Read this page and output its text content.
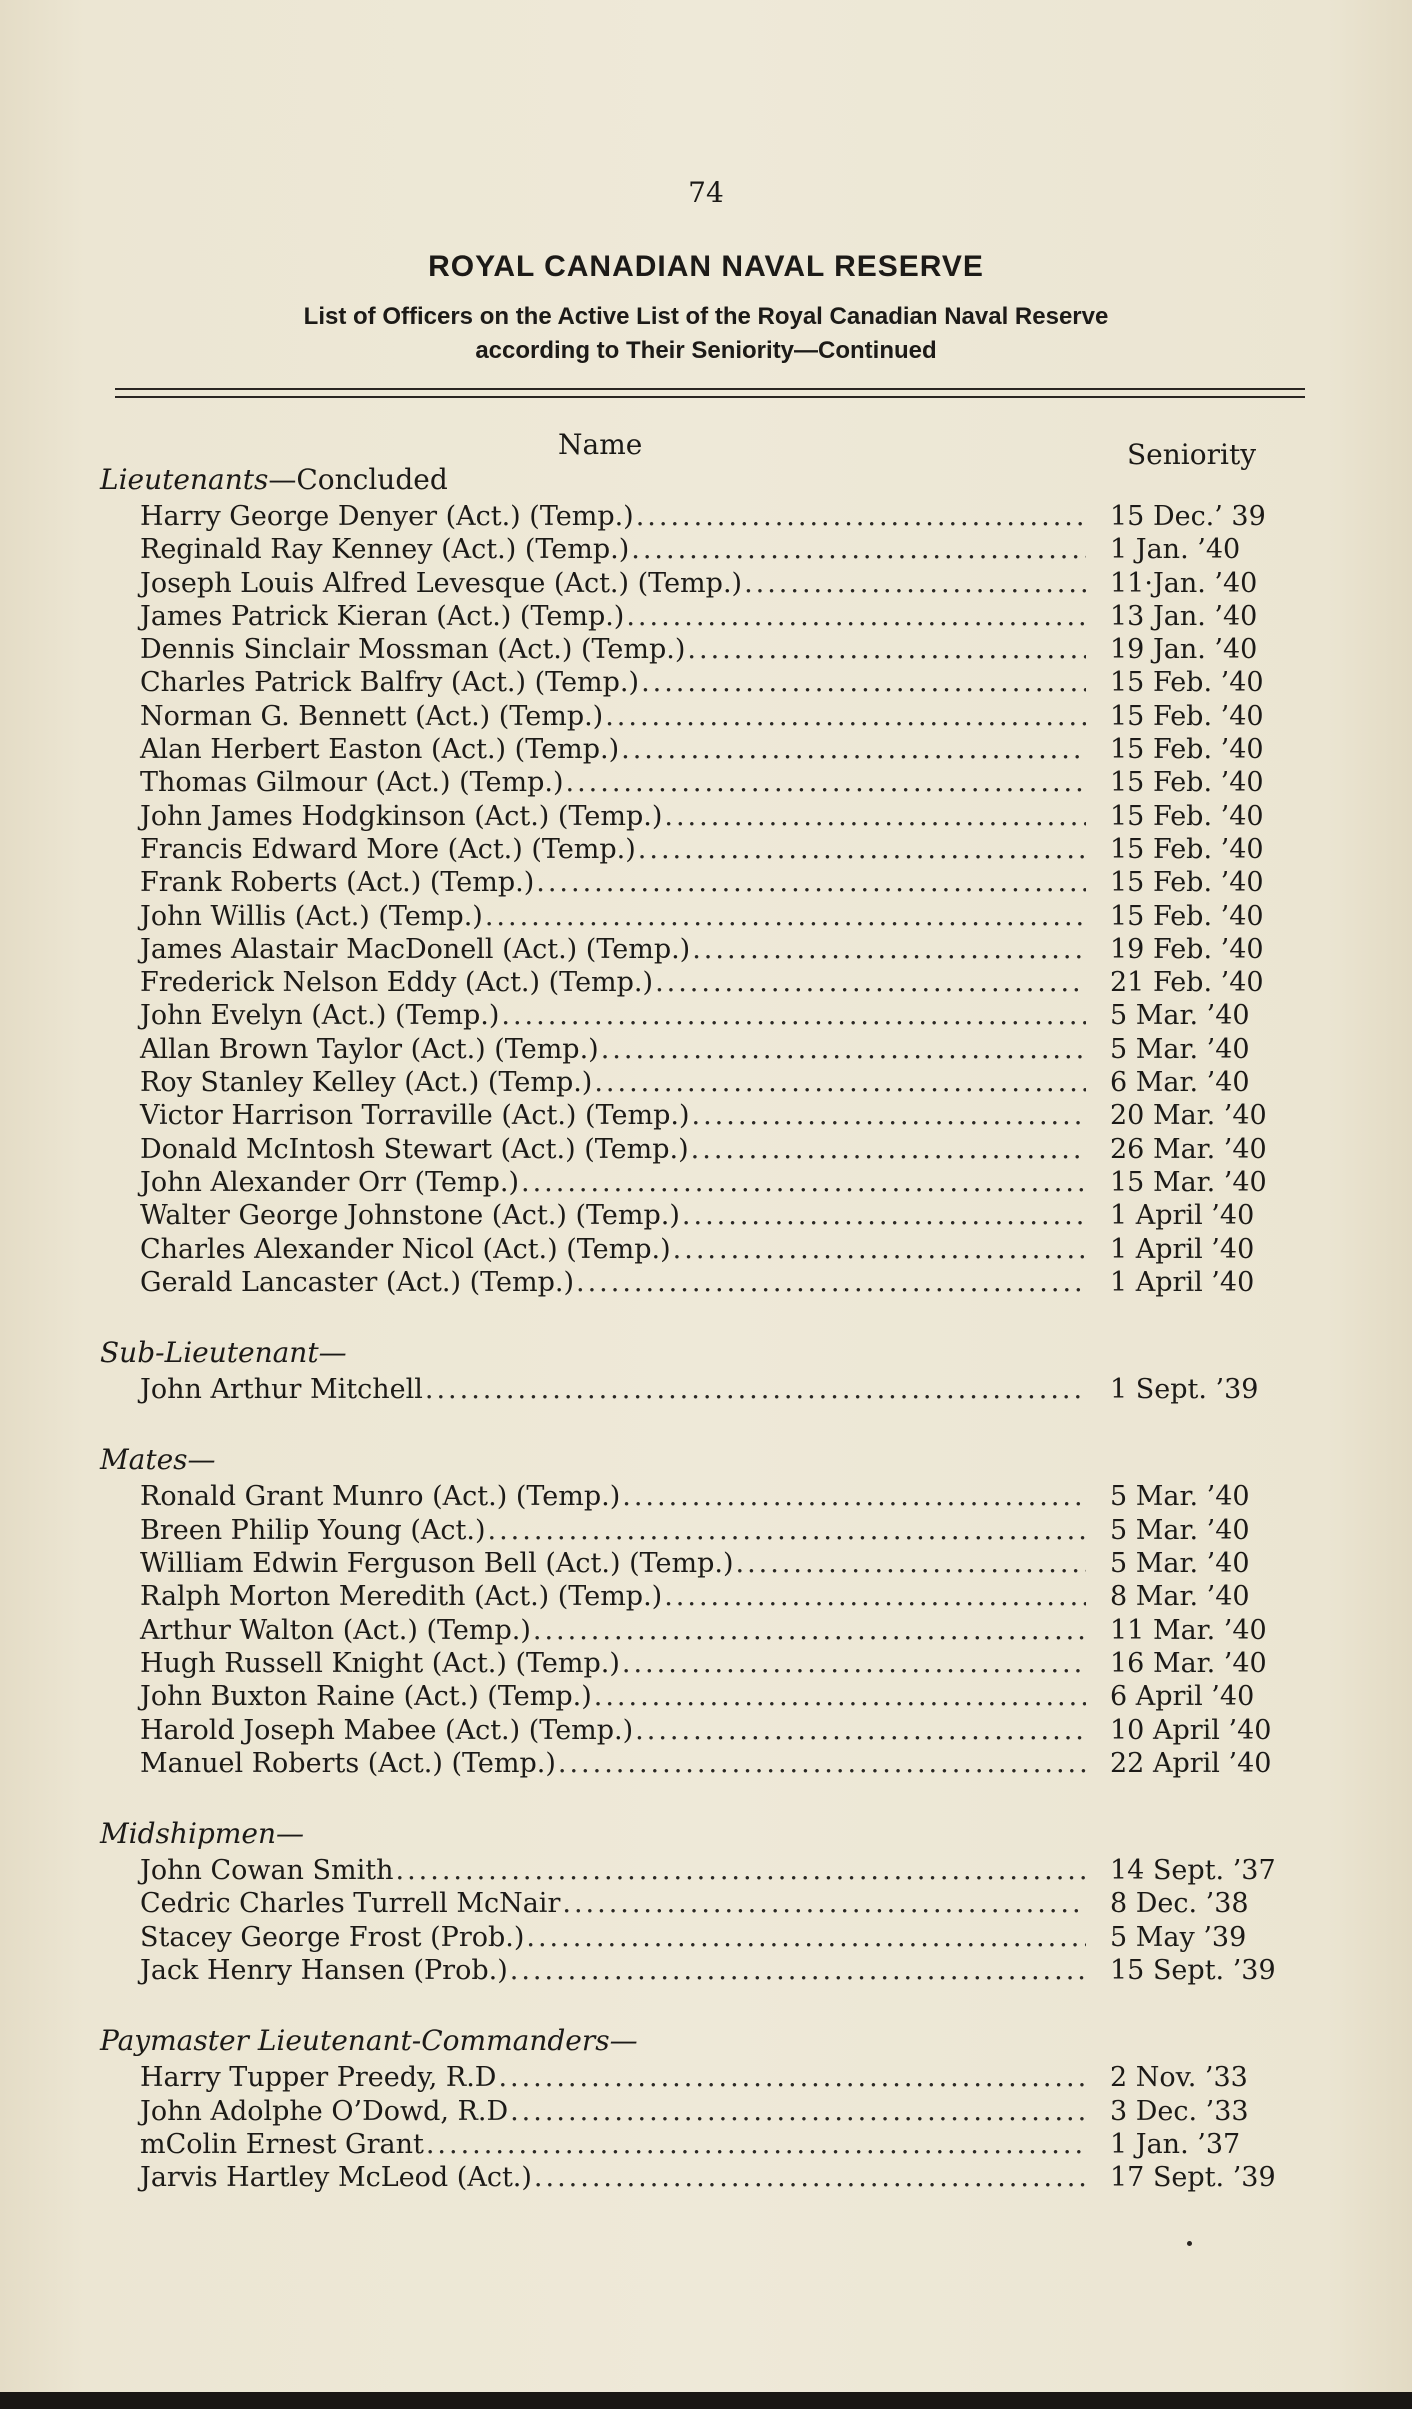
74
ROYAL CANADIAN NAVAL RESERVE
List of Officers on the Active List of the Royal Canadian Naval Reserve
according to Their Seniority—Continued
Name	Seniority
Lieutenants—Concluded
Harry George Denyer (Act.) (Temp.) .....	15 Dec.’ 39
Reginald Ray Kenney (Act.) (Temp.) .....	1 Jan. ’40
Joseph Louis Alfred Levesque (Act.) (Temp.) .....	11·Jan. ’40
James Patrick Kieran (Act.) (Temp.) .....	13 Jan. ’40
Dennis Sinclair Mossman (Act.) (Temp.) .....	19 Jan. ’40
Charles Patrick Balfry (Act.) (Temp.) .....	15 Feb. ’40
Norman G. Bennett (Act.) (Temp.) .....	15 Feb. ’40
Alan Herbert Easton (Act.) (Temp.) .....	15 Feb. ’40
Thomas Gilmour (Act.) (Temp.) .....	15 Feb. ’40
John James Hodgkinson (Act.) (Temp.) .....	15 Feb. ’40
Francis Edward More (Act.) (Temp.) .....	15 Feb. ’40
Frank Roberts (Act.) (Temp.) .....	15 Feb. ’40
John Willis (Act.) (Temp.) .....	15 Feb. ’40
James Alastair MacDonell (Act.) (Temp.) .....	19 Feb. ’40
Frederick Nelson Eddy (Act.) (Temp.) .....	21 Feb. ’40
John Evelyn (Act.) (Temp.) .....	5 Mar. ’40
Allan Brown Taylor (Act.) (Temp.) .....	5 Mar. ’40
Roy Stanley Kelley (Act.) (Temp.) .....	6 Mar. ’40
Victor Harrison Torraville (Act.) (Temp.) .....	20 Mar. ’40
Donald McIntosh Stewart (Act.) (Temp.) .....	26 Mar. ’40
John Alexander Orr (Temp.) .....	15 Mar. ’40
Walter George Johnstone (Act.) (Temp.) .....	1 April ’40
Charles Alexander Nicol (Act.) (Temp.) .....	1 April ’40
Gerald Lancaster (Act.) (Temp.) .....	1 April ’40
Sub-Lieutenant—
John Arthur Mitchell .....	1 Sept. ’39
Mates—
Ronald Grant Munro (Act.) (Temp.) .....	5 Mar. ’40
Breen Philip Young (Act.) .....	5 Mar. ’40
William Edwin Ferguson Bell (Act.) (Temp.) .....	5 Mar. ’40
Ralph Morton Meredith (Act.) (Temp.) .....	8 Mar. ’40
Arthur Walton (Act.) (Temp.) .....	11 Mar. ’40
Hugh Russell Knight (Act.) (Temp.) .....	16 Mar. ’40
John Buxton Raine (Act.) (Temp.) .....	6 April ’40
Harold Joseph Mabee (Act.) (Temp.) .....	10 April ’40
Manuel Roberts (Act.) (Temp.) .....	22 April ’40
Midshipmen—
John Cowan Smith .....	14 Sept. ’37
Cedric Charles Turrell McNair .....	8 Dec. ’38
Stacey George Frost (Prob.) .....	5 May ’39
Jack Henry Hansen (Prob.) .....	15 Sept. ’39
Paymaster Lieutenant-Commanders—
Harry Tupper Preedy, R.D .....	2 Nov. ’33
John Adolphe O’Dowd, R.D .....	3 Dec. ’33
mColin Ernest Grant .....	1 Jan. ’37
Jarvis Hartley McLeod (Act.) .....	17 Sept. ’39
